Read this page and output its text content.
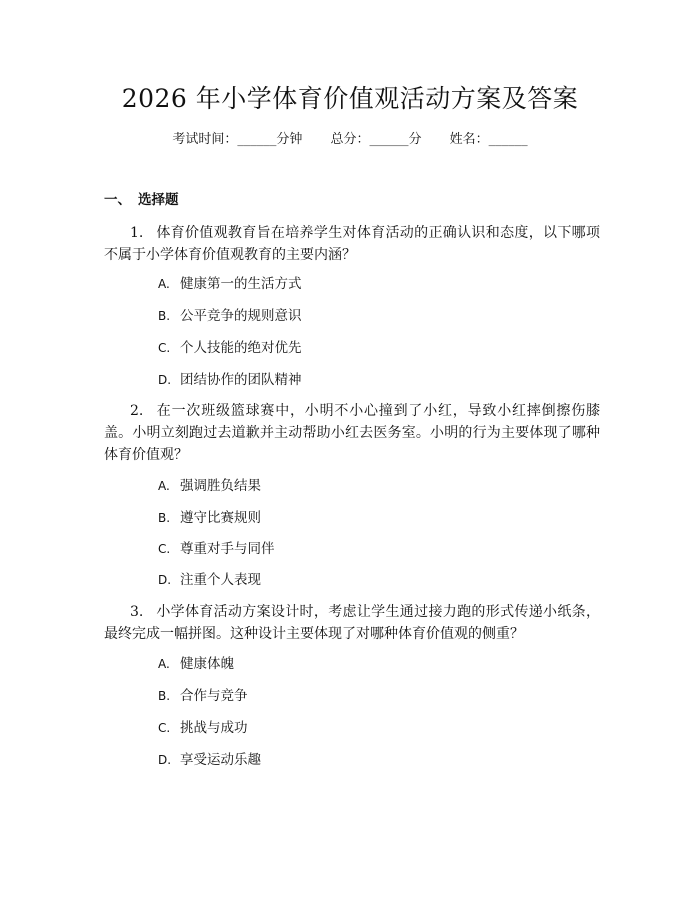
2026 年小学体育价值观活动方案及答案
考试时间：______分钟 总分：______分 姓名：______
一、 选择题
1. 体育价值观教育旨在培养学生对体育活动的正确认识和态度，以下哪项不属于小学体育价值观教育的主要内涵？
A. 健康第一的生活方式
B. 公平竞争的规则意识
C. 个人技能的绝对优先
D. 团结协作的团队精神
2. 在一次班级篮球赛中，小明不小心撞到了小红，导致小红摔倒擦伤膝盖。小明立刻跑过去道歉并主动帮助小红去医务室。小明的行为主要体现了哪种体育价值观？
A. 强调胜负结果
B. 遵守比赛规则
C. 尊重对手与同伴
D. 注重个人表现
3. 小学体育活动方案设计时，考虑让学生通过接力跑的形式传递小纸条，最终完成一幅拼图。这种设计主要体现了对哪种体育价值观的侧重？
A. 健康体魄
B. 合作与竞争
C. 挑战与成功
D. 享受运动乐趣
